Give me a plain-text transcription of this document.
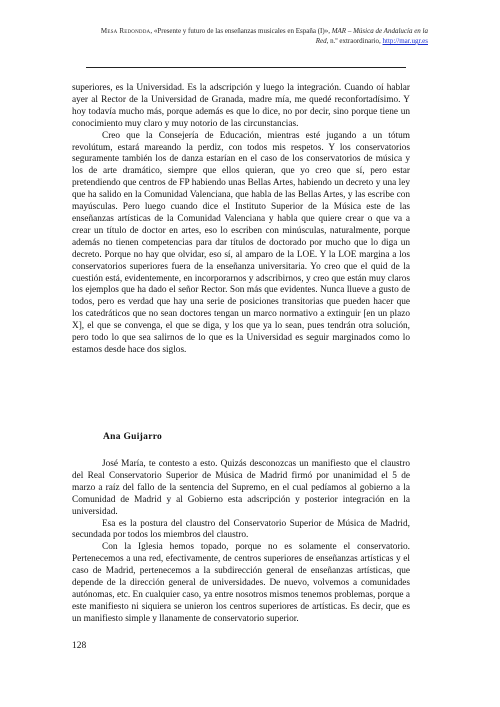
Mesa Redondda, «Presente y futuro de las enseñanzas musicales en España (I)», MAR – Música de Andalucía en la Red, n.º extraordinario, http://mar.ugr.es

superiores, es la Universidad. Es la adscripción y luego la integración. Cuando oí hablar ayer al Rector de la Universidad de Granada, madre mía, me quedé reconfortadísimo. Y hoy todavía mucho más, porque además es que lo dice, no por decir, sino porque tiene un conocimiento muy claro y muy notorio de las circunstancias.

Creo que la Consejería de Educación, mientras esté jugando a un tótum revolútum, estará mareando la perdiz, con todos mis respetos. Y los conservatorios seguramente también los de danza estarían en el caso de los conservatorios de música y los de arte dramático, siempre que ellos quieran, que yo creo que sí, pero estar pretendiendo que centros de FP habiendo unas Bellas Artes, habiendo un decreto y una ley que ha salido en la Comunidad Valenciana, que habla de las Bellas Artes, y las escribe con mayúsculas. Pero luego cuando dice el Instituto Superior de la Música este de las enseñanzas artísticas de la Comunidad Valenciana y habla que quiere crear o que va a crear un título de doctor en artes, eso lo escriben con minúsculas, naturalmente, porque además no tienen competencias para dar títulos de doctorado por mucho que lo diga un decreto. Porque no hay que olvidar, eso sí, al amparo de la LOE. Y la LOE margina a los conservatorios superiores fuera de la enseñanza universitaria. Yo creo que el quid de la cuestión está, evidentemente, en incorporarnos y adscribirnos, y creo que están muy claros los ejemplos que ha dado el señor Rector. Son más que evidentes. Nunca llueve a gusto de todos, pero es verdad que hay una serie de posiciones transitorias que pueden hacer que los catedráticos que no sean doctores tengan un marco normativo a extinguir [en un plazo X], el que se convenga, el que se diga, y los que ya lo sean, pues tendrán otra solución, pero todo lo que sea salirnos de lo que es la Universidad es seguir marginados como lo estamos desde hace dos siglos.

Ana Guijarro

José María, te contesto a esto. Quizás desconozcas un manifiesto que el claustro del Real Conservatorio Superior de Música de Madrid firmó por unanimidad el 5 de marzo a raíz del fallo de la sentencia del Supremo, en el cual pedíamos al gobierno a la Comunidad de Madrid y al Gobierno esta adscripción y posterior integración en la universidad.

Esa es la postura del claustro del Conservatorio Superior de Música de Madrid, secundada por todos los miembros del claustro.

Con la Iglesia hemos topado, porque no es solamente el conservatorio. Pertenecemos a una red, efectivamente, de centros superiores de enseñanzas artísticas y el caso de Madrid, pertenecemos a la subdirección general de enseñanzas artísticas, que depende de la dirección general de universidades. De nuevo, volvemos a comunidades autónomas, etc. En cualquier caso, ya entre nosotros mismos tenemos problemas, porque a este manifiesto ni siquiera se unieron los centros superiores de artísticas. Es decir, que es un manifiesto simple y llanamente de conservatorio superior.

128
